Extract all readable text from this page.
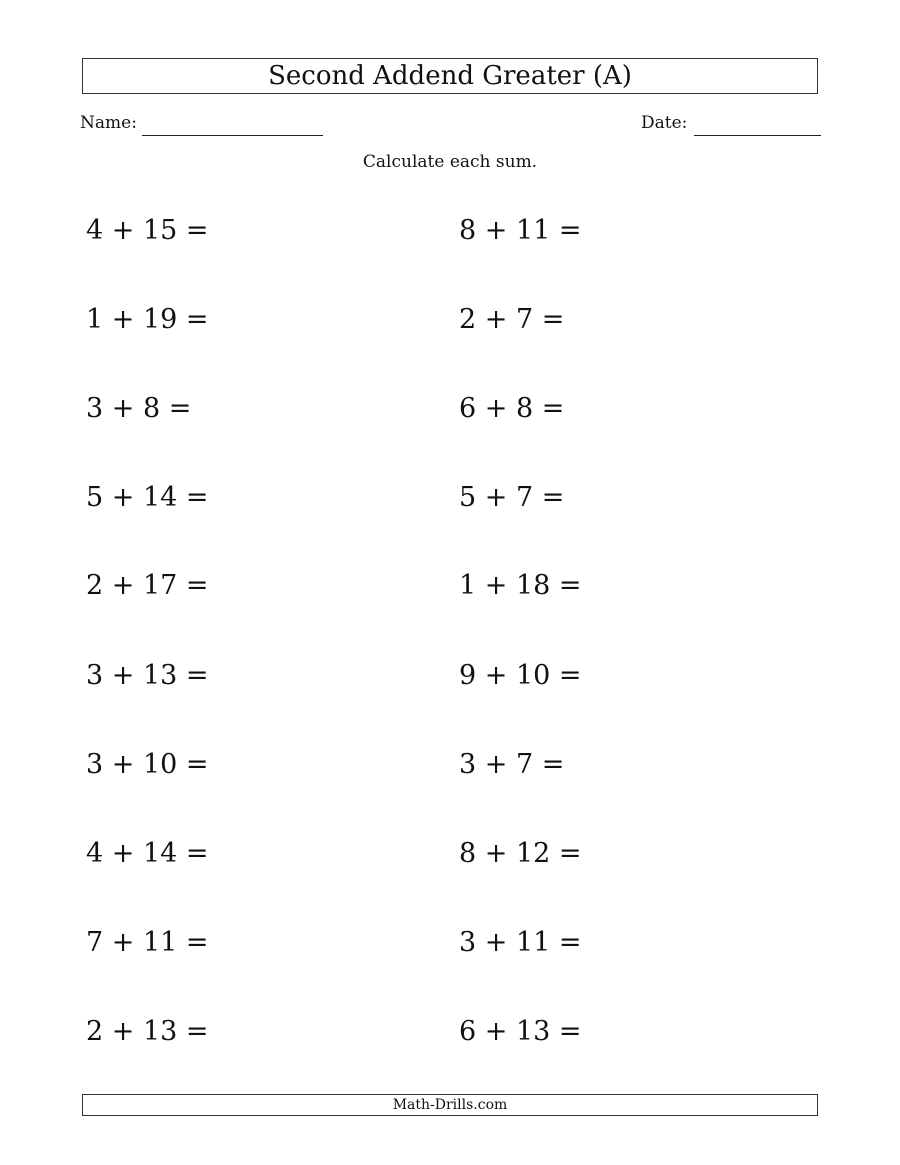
Second Addend Greater (A)
Name:	Date:
Calculate each sum.
4 + 15 =	8 + 11 =
1 + 19 =	2 + 7 =
3 + 8 =	6 + 8 =
5 + 14 =	5 + 7 =
2 + 17 =	1 + 18 =
3 + 13 =	9 + 10 =
3 + 10 =	3 + 7 =
4 + 14 =	8 + 12 =
7 + 11 =	3 + 11 =
2 + 13 =	6 + 13 =
Math-Drills.com
